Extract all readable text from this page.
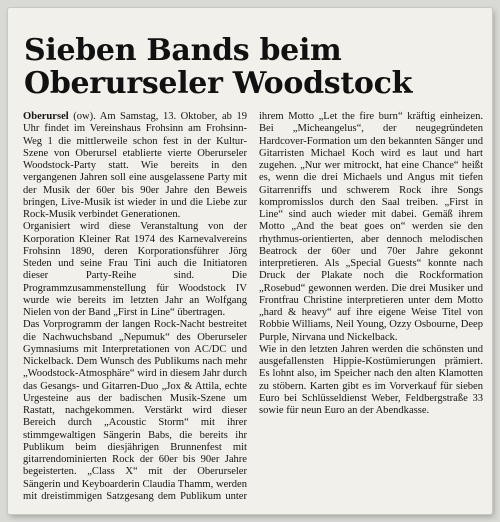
Sieben Bands beim Oberurseler Woodstock

Oberursel (ow). Am Samstag, 13. Oktober, ab 19 Uhr findet im Vereinshaus Frohsinn am Frohsinn-Weg 1 die mittlerweile schon fest in der Kultur-Szene von Oberursel etablierte vierte Oberurseler Woodstock-Party statt. Wie bereits in den vergangenen Jahren soll eine ausgelassene Party mit der Musik der 60er bis 90er Jahre den Beweis bringen, Live-Musik ist wieder in und die Liebe zur Rock-Musik verbindet Generationen.

Organisiert wird diese Veranstaltung von der Korporation Kleiner Rat 1974 des Karnevalvereins Frohsinn 1890, deren Korporationsführer Jörg Steden und seine Frau Tini auch die Initiatoren dieser Party-Reihe sind. Die Programmzusammenstellung für Woodstock IV wurde wie bereits im letzten Jahr an Wolfgang Nielen von der Band „First in Line“ übertragen.

Das Vorprogramm der langen Rock-Nacht bestreitet die Nachwuchsband „Nepumuk“ des Oberurseler Gymnasiums mit Interpretationen von AC/DC und Nickelback. Dem Wunsch des Publikums nach mehr „Woodstock-Atmosphäre“ wird in diesem Jahr durch das Gesangs- und Gitarren-Duo „Jox & Attila, echte Urgesteine aus der badischen Musik-Szene um Rastatt, nachgekommen. Verstärkt wird dieser Bereich durch „Acoustic Storm“ mit ihrer stimmgewaltigen Sängerin Babs, die bereits ihr Publikum beim diesjährigen Brunnenfest mit gitarrendominierten Rock der 60er bis 90er Jahre begeisterten. „Class X“ mit der Oberurseler Sängerin und Keyboarderin Claudia Thamm, werden mit dreistimmigen Satzgesang dem Publikum unter ihrem Motto „Let the fire burn“ kräftig einheizen. Bei „Micheangelus“, der neugegründeten Hardcover-Formation um den bekannten Sänger und Gitarristen Michael Koch wird es laut und hart zugehen. „Nur wer mitrockt, hat eine Chance“ heißt es, wenn die drei Michaels und Angus mit tiefen Gitarrenriffs und schwerem Rock ihre Songs kompromisslos durch den Saal treiben. „First in Line“ sind auch wieder mit dabei. Gemäß ihrem Motto „And the beat goes on“ werden sie den rhythmus-orientierten, aber dennoch melodischen Beatrock der 60er und 70er Jahre gekonnt interpretieren. Als „Special Guests“ konnte nach Druck der Plakate noch die Rockformation „Rosebud“ gewonnen werden. Die drei Musiker und Frontfrau Christine interpretieren unter dem Motto „hard & heavy“ auf ihre eigene Weise Titel von Robbie Williams, Neil Young, Ozzy Osbourne, Deep Purple, Nirvana und Nickelback.

Wie in den letzten Jahren werden die schönsten und ausgefallensten Hippie-Kostümierungen prämiert. Es lohnt also, im Speicher nach den alten Klamotten zu stöbern. Karten gibt es im Vorverkauf für sieben Euro bei Schlüsseldienst Weber, Feldbergstraße 33 sowie für neun Euro an der Abendkasse.
